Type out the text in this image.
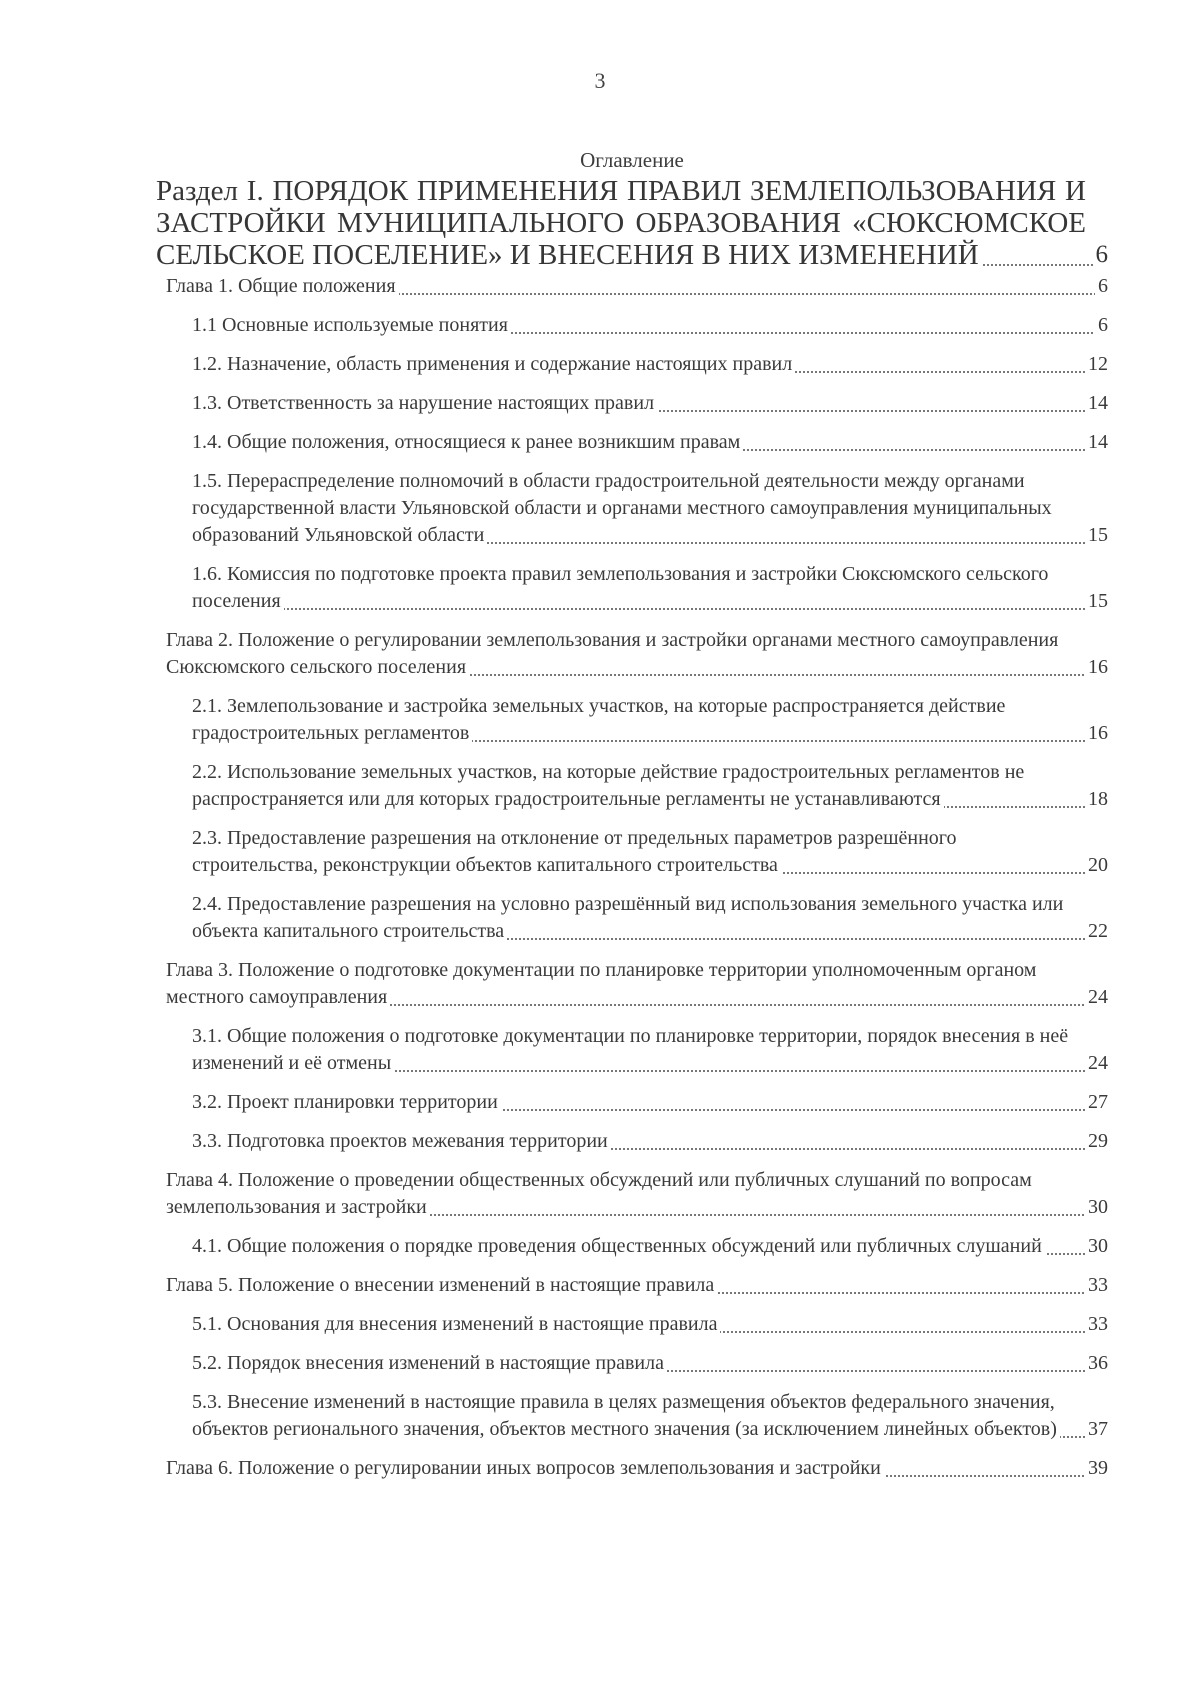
3

Оглавление

Раздел I. ПОРЯДОК ПРИМЕНЕНИЯ ПРАВИЛ ЗЕМЛЕПОЛЬЗОВАНИЯ И ЗАСТРОЙКИ МУНИЦИПАЛЬНОГО ОБРАЗОВАНИЯ «СЮКСЮМСКОЕ СЕЛЬСКОЕ ПОСЕЛЕНИЕ» И ВНЕСЕНИЯ В НИХ ИЗМЕНЕНИЙ	6
Глава 1. Общие положения	6
1.1 Основные используемые понятия	6
1.2. Назначение, область применения и содержание настоящих правил	12
1.3. Ответственность за нарушение настоящих правил	14
1.4. Общие положения, относящиеся к ранее возникшим правам	14
1.5. Перераспределение полномочий в области градостроительной деятельности между органами государственной власти Ульяновской области и органами местного самоуправления муниципальных образований Ульяновской области	15
1.6. Комиссия по подготовке проекта правил землепользования и застройки Сюксюмского сельского поселения	15
Глава 2. Положение о регулировании землепользования и застройки органами местного самоуправления Сюксюмского сельского поселения	16
2.1. Землепользование и застройка земельных участков, на которые распространяется действие градостроительных регламентов	16
2.2. Использование земельных участков, на которые действие градостроительных регламентов не распространяется или для которых градостроительные регламенты не устанавливаются	18
2.3. Предоставление разрешения на отклонение от предельных параметров разрешённого строительства, реконструкции объектов капитального строительства	20
2.4. Предоставление разрешения на условно разрешённый вид использования земельного участка или объекта капитального строительства	22
Глава 3. Положение о подготовке документации по планировке территории уполномоченным органом местного самоуправления	24
3.1. Общие положения о подготовке документации по планировке территории, порядок внесения в неё изменений и её отмены	24
3.2. Проект планировки территории	27
3.3. Подготовка проектов межевания территории	29
Глава 4. Положение о проведении общественных обсуждений или публичных слушаний по вопросам землепользования и застройки	30
4.1. Общие положения о порядке проведения общественных обсуждений или публичных слушаний	30
Глава 5. Положение о внесении изменений в настоящие правила	33
5.1. Основания для внесения изменений в настоящие правила	33
5.2. Порядок внесения изменений в настоящие правила	36
5.3. Внесение изменений в настоящие правила в целях размещения объектов федерального значения, объектов регионального значения, объектов местного значения (за исключением линейных объектов)	37
Глава 6. Положение о регулировании иных вопросов землепользования и застройки	39
